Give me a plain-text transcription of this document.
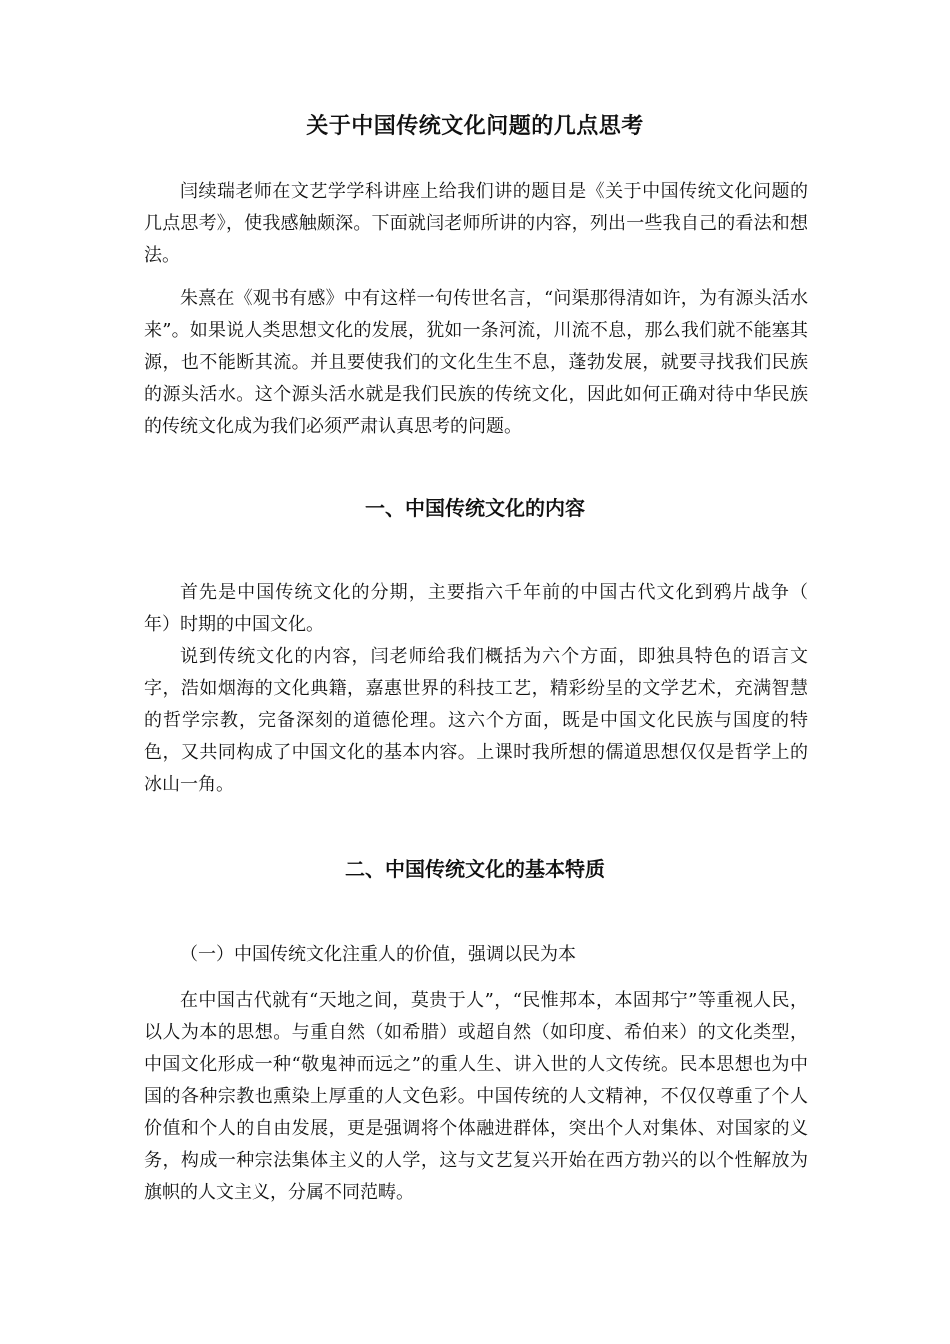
关于中国传统文化问题的几点思考

闫续瑞老师在文艺学学科讲座上给我们讲的题目是《关于中国传统文化问题的几点思考》，使我感触颇深。下面就闫老师所讲的内容，列出一些我自己的看法和想法。

朱熹在《观书有感》中有这样一句传世名言，“问渠那得清如许，为有源头活水来”。如果说人类思想文化的发展，犹如一条河流，川流不息，那么我们就不能塞其源，也不能断其流。并且要使我们的文化生生不息，蓬勃发展，就要寻找我们民族的源头活水。这个源头活水就是我们民族的传统文化，因此如何正确对待中华民族的传统文化成为我们必须严肃认真思考的问题。

一、中国传统文化的内容

首先是中国传统文化的分期，主要指六千年前的中国古代文化到鸦片战争（　　年）时期的中国文化。

说到传统文化的内容，闫老师给我们概括为六个方面，即独具特色的语言文字，浩如烟海的文化典籍，嘉惠世界的科技工艺，精彩纷呈的文学艺术，充满智慧的哲学宗教，完备深刻的道德伦理。这六个方面，既是中国文化民族与国度的特色，又共同构成了中国文化的基本内容。上课时我所想的儒道思想仅仅是哲学上的冰山一角。

二、中国传统文化的基本特质

（一）中国传统文化注重人的价值，强调以民为本

在中国古代就有“天地之间，莫贵于人”，“民惟邦本，本固邦宁”等重视人民，以人为本的思想。与重自然（如希腊）或超自然（如印度、希伯来）的文化类型，中国文化形成一种“敬鬼神而远之”的重人生、讲入世的人文传统。民本思想也为中国的各种宗教也熏染上厚重的人文色彩。中国传统的人文精神，不仅仅尊重了个人价值和个人的自由发展，更是强调将个体融进群体，突出个人对集体、对国家的义务，构成一种宗法集体主义的人学，这与文艺复兴开始在西方勃兴的以个性解放为旗帜的人文主义，分属不同范畴。
